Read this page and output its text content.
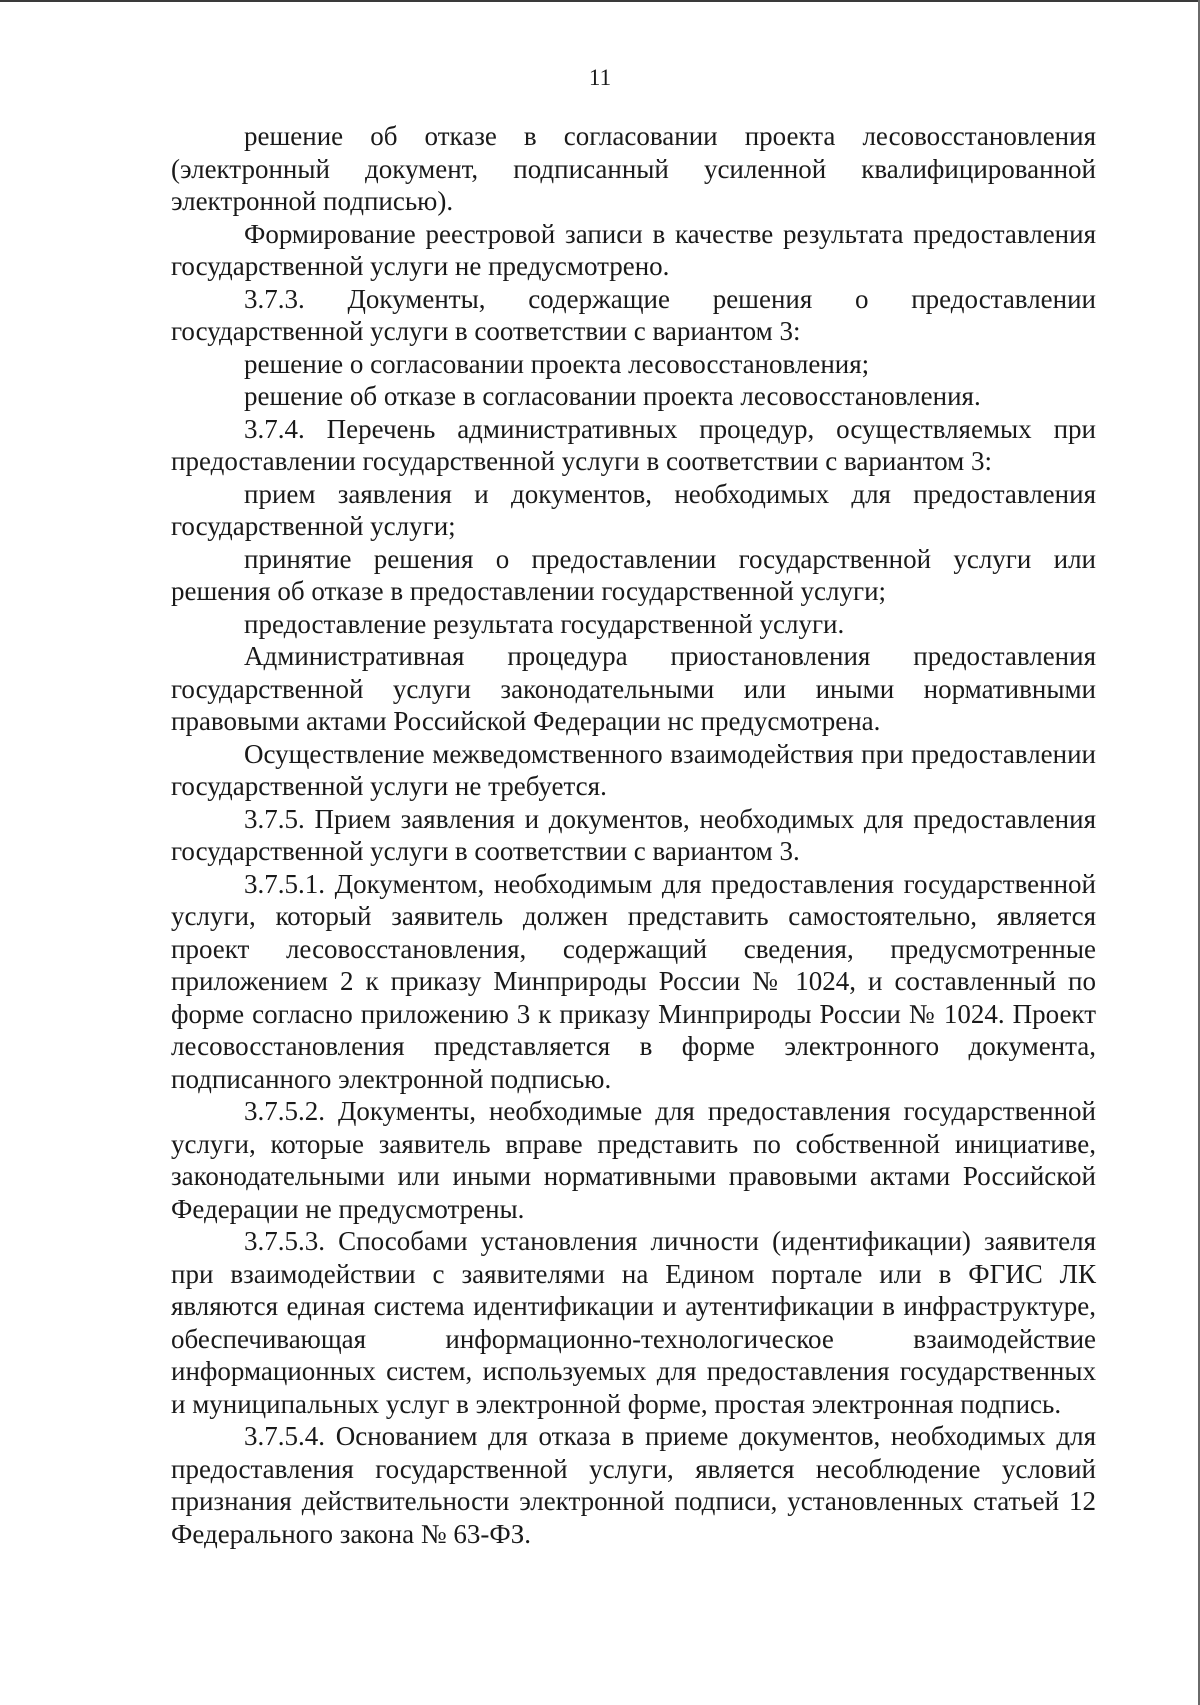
11

решение об отказе в согласовании проекта лесовосстановления (электронный документ, подписанный усиленной квалифицированной электронной подписью).

Формирование реестровой записи в качестве результата предоставления государственной услуги не предусмотрено.

3.7.3. Документы, содержащие решения о предоставлении государственной услуги в соответствии с вариантом 3:

решение о согласовании проекта лесовосстановления;

решение об отказе в согласовании проекта лесовосстановления.

3.7.4. Перечень административных процедур, осуществляемых при предоставлении государственной услуги в соответствии с вариантом 3:

прием заявления и документов, необходимых для предоставления государственной услуги;

принятие решения о предоставлении государственной услуги или решения об отказе в предоставлении государственной услуги;

предоставление результата государственной услуги.

Административная процедура приостановления предоставления государственной услуги законодательными или иными нормативными правовыми актами Российской Федерации нс предусмотрена.

Осуществление межведомственного взаимодействия при предоставлении государственной услуги не требуется.

3.7.5. Прием заявления и документов, необходимых для предоставления государственной услуги в соответствии с вариантом 3.

3.7.5.1. Документом, необходимым для предоставления государственной услуги, который заявитель должен представить самостоятельно, является проект лесовосстановления, содержащий сведения, предусмотренные приложением 2 к приказу Минприроды России № 1024, и составленный по форме согласно приложению 3 к приказу Минприроды России № 1024. Проект лесовосстановления представляется в форме электронного документа, подписанного электронной подписью.

3.7.5.2. Документы, необходимые для предоставления государственной услуги, которые заявитель вправе представить по собственной инициативе, законодательными или иными нормативными правовыми актами Российской Федерации не предусмотрены.

3.7.5.3. Способами установления личности (идентификации) заявителя при взаимодействии с заявителями на Едином портале или в ФГИС ЛК являются единая система идентификации и аутентификации в инфраструктуре, обеспечивающая информационно-технологическое взаимодействие информационных систем, используемых для предоставления государственных и муниципальных услуг в электронной форме, простая электронная подпись.

3.7.5.4. Основанием для отказа в приеме документов, необходимых для предоставления государственной услуги, является несоблюдение условий признания действительности электронной подписи, установленных статьей 12 Федерального закона № 63-ФЗ.
